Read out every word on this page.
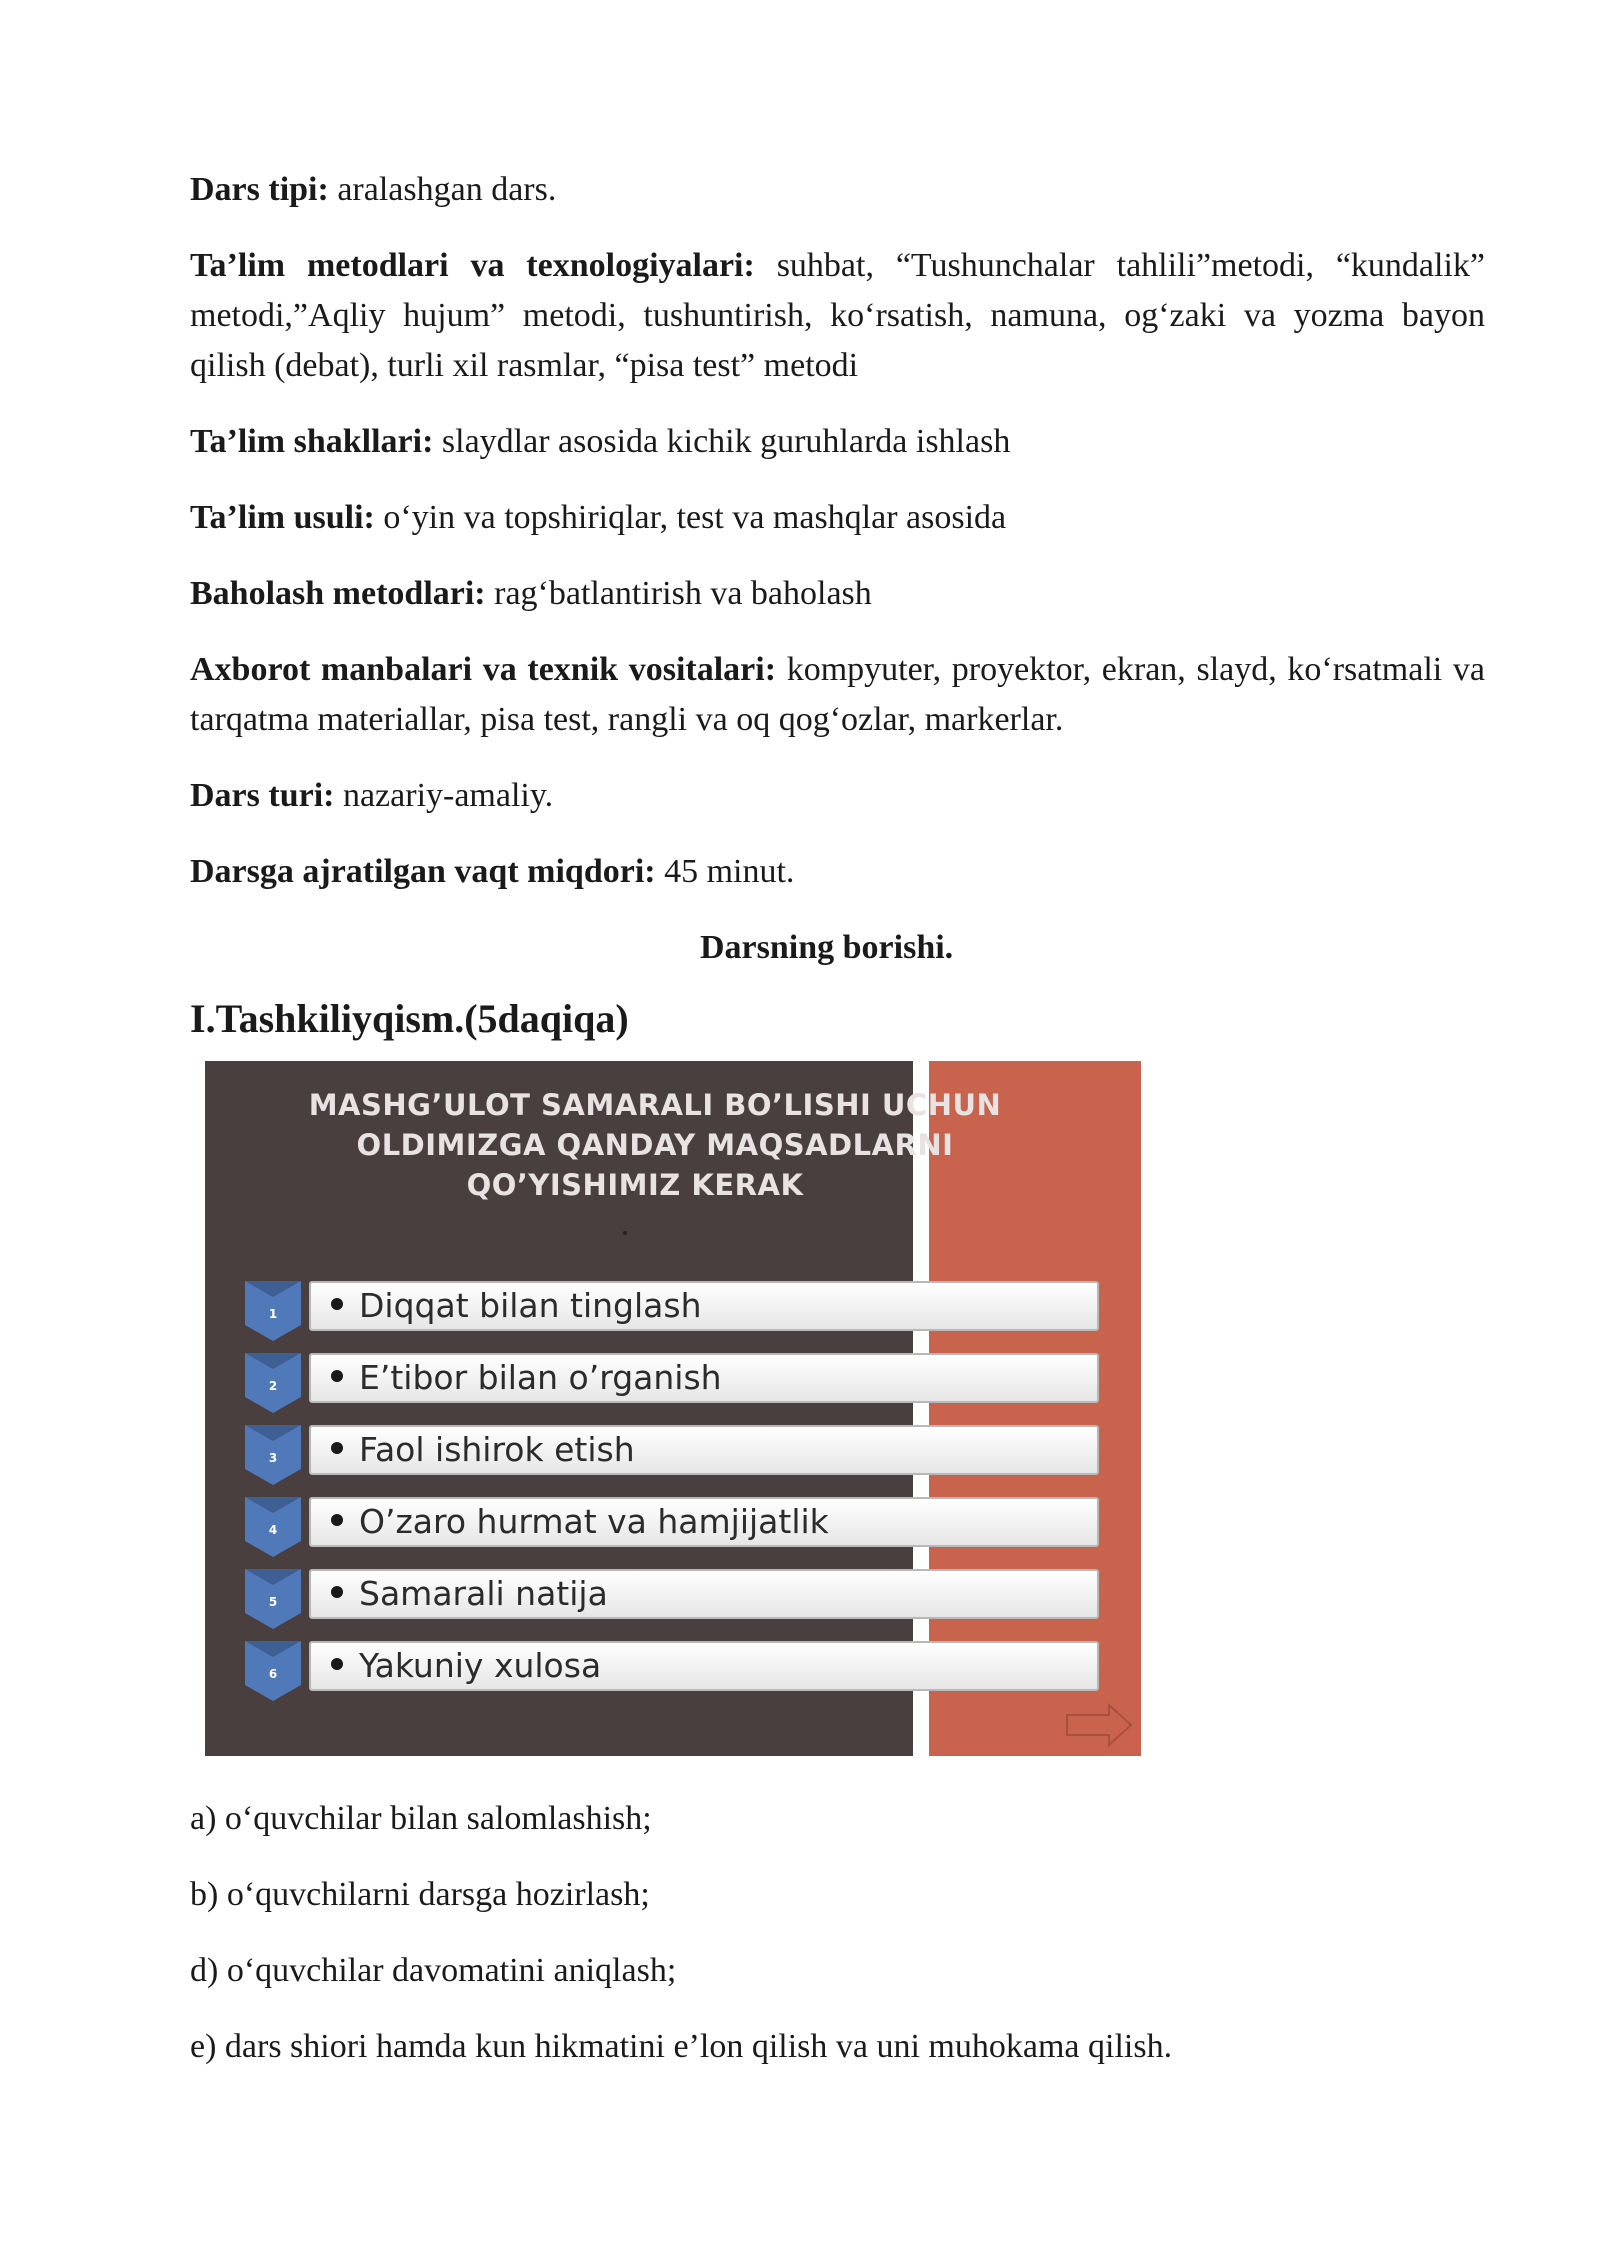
Dars tipi: aralashgan dars.

Ta’lim metodlari va texnologiyalari: suhbat, “Tushunchalar tahlili”metodi, “kundalik” metodi,”Aqliy hujum” metodi, tushuntirish, ko‘rsatish, namuna, og‘zaki va yozma bayon qilish (debat), turli xil rasmlar, “pisa test” metodi

Ta’lim shakllari: slaydlar asosida kichik guruhlarda ishlash

Ta’lim usuli: o‘yin va topshiriqlar, test va mashqlar asosida

Baholash metodlari: rag‘batlantirish va baholash

Axborot manbalari va texnik vositalari: kompyuter, proyektor, ekran, slayd, ko‘rsatmali va tarqatma materiallar, pisa test, rangli va oq qog‘ozlar, markerlar.

Dars turi: nazariy-amaliy.

Darsga ajratilgan vaqt miqdori: 45 minut.

Darsning borishi.

I.Tashkiliyqism.(5daqiqa)

MASHG’ULOT SAMARALI BO’LISHI UCHUN
OLDIMIZGA QANDAY MAQSADLARNI
QO’YISHIMIZ KERAK
1	Diqqat bilan tinglash
2	E’tibor bilan o’rganish
3	Faol ishirok etish
4	O’zaro hurmat va hamjijatlik
5	Samarali natija
6	Yakuniy xulosa

a) o‘quvchilar bilan salomlashish;

b) o‘quvchilarni darsga hozirlash;

d) o‘quvchilar davomatini aniqlash;

e) dars shiori hamda kun hikmatini e’lon qilish va uni muhokama qilish.
